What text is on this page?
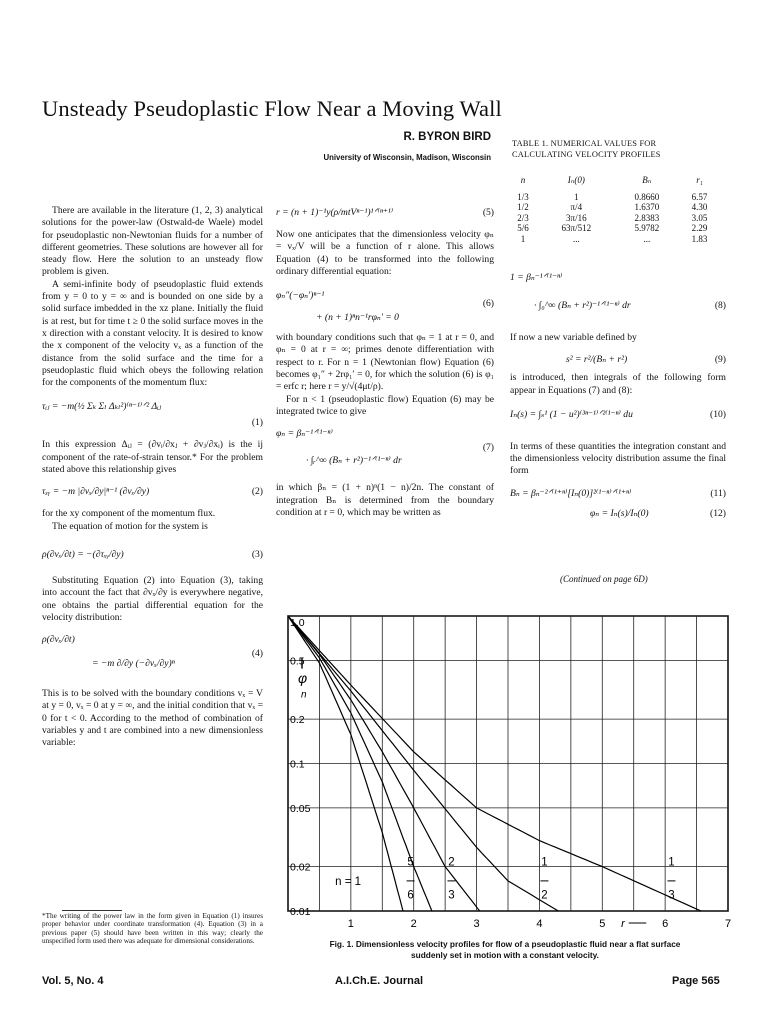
Unsteady Pseudoplastic Flow Near a Moving Wall
R. BYRON BIRD
University of Wisconsin, Madison, Wisconsin

There are available in the literature (1, 2, 3) analytical solutions for the power-law (Ostwald-de Waele) model for pseudoplastic non-Newtonian fluids for a number of different geometries. These solutions are however all for steady flow. Here the solution to an unsteady flow problem is given.

A semi-infinite body of pseudoplastic fluid extends from y = 0 to y = ∞ and is bounded on one side by a solid surface imbedded in the xz plane. Initially the fluid is at rest, but for time t ≥ 0 the solid surface moves in the x direction with a constant velocity. It is desired to know the x component of the velocity vₓ as a function of the distance from the solid surface and the time for a pseudoplastic fluid which obeys the following relation for the components of the momentum flux:

τᵢⱼ = −m(½ Σₖ Σₗ Δₖₗ²)⁽ⁿ⁻¹⁾ᐟ² Δᵢⱼ
(1)

In this expression Δᵢⱼ = (∂vᵢ/∂xⱼ + ∂vⱼ/∂xᵢ) is the ij component of the rate-of-strain tensor.* For the problem stated above this relationship gives

τₓᵧ = −m |∂vₓ/∂y|ⁿ⁻¹ (∂vₓ/∂y)	(2)

for the xy component of the momentum flux.

The equation of motion for the system is

ρ(∂vₓ/∂t) = −(∂τₓᵧ/∂y)	(3)

Substituting Equation (2) into Equation (3), taking into account the fact that ∂vₓ/∂y is everywhere negative, one obtains the partial differential equation for the velocity distribution:

ρ(∂vₓ/∂t)
= −m ∂/∂y (−∂vₓ/∂y)ⁿ
(4)

This is to be solved with the boundary conditions vₓ = V at y = 0, vₓ = 0 at y = ∞, and the initial condition that vₓ = 0 for t < 0. According to the method of combination of variables y and t are combined into a new dimensionless variable:

*The writing of the power law in the form given in Equation (1) insures proper behavior under coordinate transformation (4). Equation (3) in a previous paper (5) should have been written in this way; clearly the unspecified form used there was adequate for dimensional considerations.
r = (n + 1)⁻¹y(ρ/mtVⁿ⁻¹)¹ᐟ⁽ⁿ⁺¹⁾	(5)

Now one anticipates that the dimensionless velocity φₙ = vₓ/V will be a function of r alone. This allows Equation (4) to be transformed into the following ordinary differential equation:

φₙ″(−φₙ′)ⁿ⁻¹
+ (n + 1)ⁿn⁻¹rφₙ′ = 0
(6)

with boundary conditions such that φₙ = 1 at r = 0, and φₙ = 0 at r = ∞; primes denote differentiation with respect to r. For n = 1 (Newtonian flow) Equation (6) becomes φ₁″ + 2rφ₁′ = 0, for which the solution (6) is φ₁ = erfc r; here r = y/√(4μt/ρ).

For n < 1 (pseudoplastic flow) Equation (6) may be integrated twice to give

φₙ = βₙ⁻¹ᐟ⁽¹⁻ⁿ⁾
· ∫ᵣ^∞ (Bₙ + r²)⁻¹ᐟ⁽¹⁻ⁿ⁾ dr
(7)

in which βₙ = (1 + n)ⁿ(1 − n)/2n. The constant of integration Bₙ is determined from the boundary condition at r = 0, which may be written as

TABLE 1. NUMERICAL VALUES FOR
CALCULATING VELOCITY PROFILES
n	Iₙ(0)	Bₙ	r₁
1/3	1	0.8660	6.57
1/2	π/4	1.6370	4.30
2/3	3π/16	2.8383	3.05
5/6	63π/512	5.9782	2.29
1	...	...	1.83
1 = βₙ⁻¹ᐟ⁽¹⁻ⁿ⁾
· ∫₀^∞ (Bₙ + r²)⁻¹ᐟ⁽¹⁻ⁿ⁾ dr	(8)

If now a new variable defined by

s² = r²/(Bₙ + r²)	(9)

is introduced, then integrals of the following form appear in Equations (7) and (8):

Iₙ(s) = ∫ₛ¹ (1 − u²)⁽³ⁿ⁻¹⁾ᐟ²⁽¹⁻ⁿ⁾ du	(10)

In terms of these quantities the integration constant and the dimensionless velocity distribution assume the final form

Bₙ = βₙ⁻²ᐟ⁽¹⁺ⁿ⁾[Iₙ(0)]²⁽¹⁻ⁿ⁾ᐟ⁽¹⁺ⁿ⁾	(11)
φₙ = Iₙ(s)/Iₙ(0)	(12)
(Continued on page 6D)
1.0
0.5
0.2
0.1
0.05
0.02
0.01
1	2	3	4	5	6	7
φ
n
r
n = 1
5
6
2
3
1
2
1
3
Fig. 1. Dimensionless velocity profiles for flow of a pseudoplastic fluid near a flat surface
suddenly set in motion with a constant velocity.
Vol. 5, No. 4	A.I.Ch.E. Journal	Page 565
